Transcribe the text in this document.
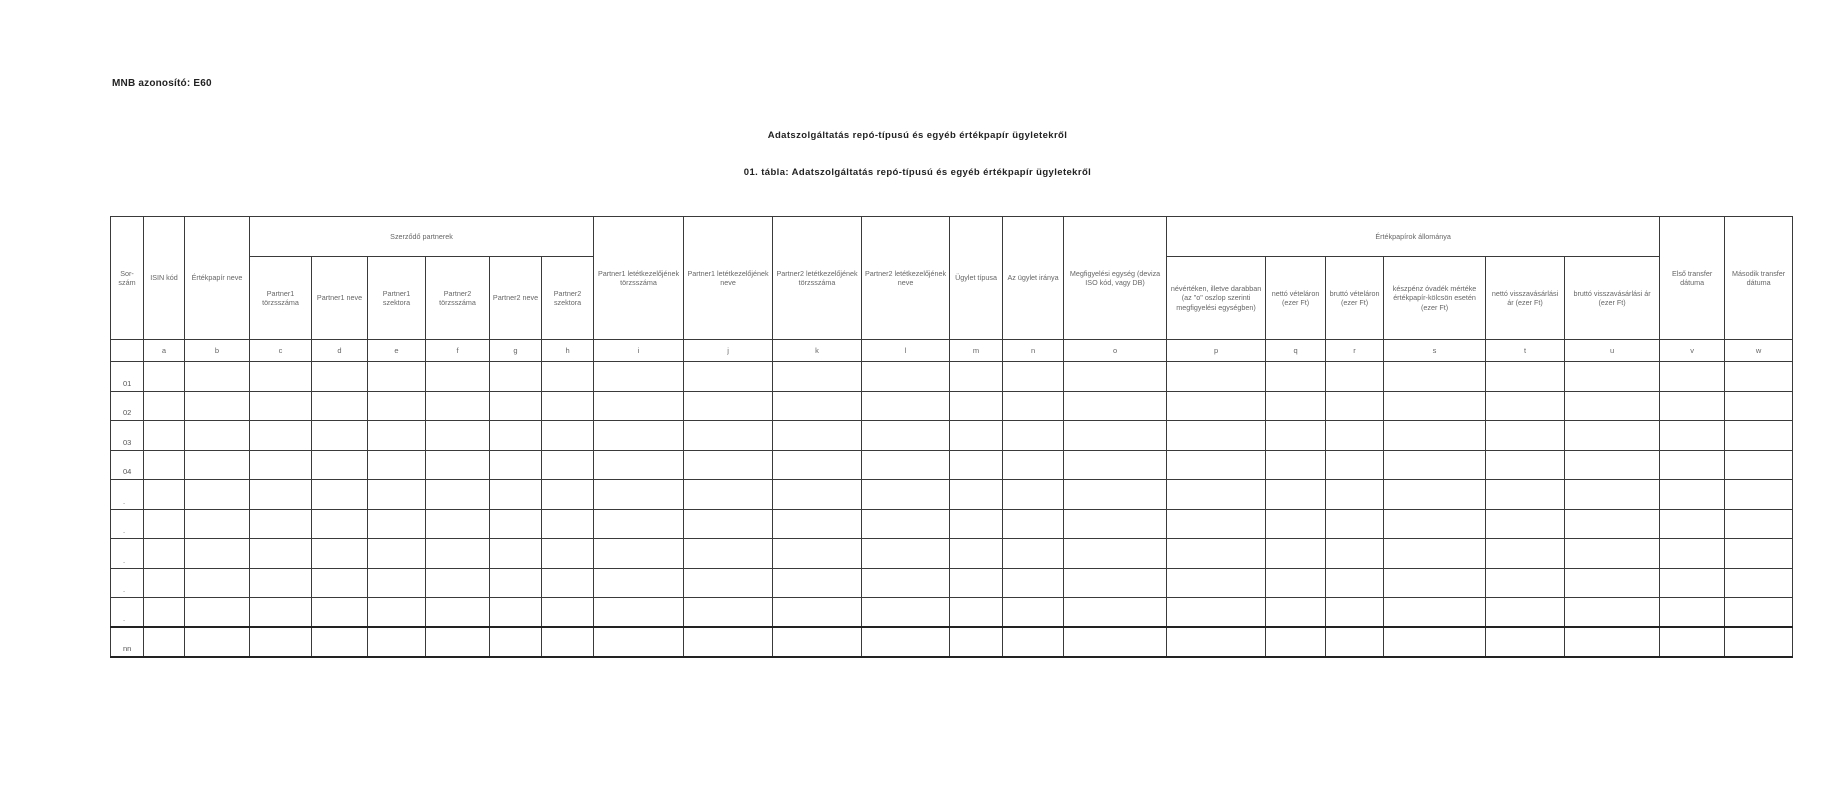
MNB azonosító: E60
Adatszolgáltatás repó-típusú és egyéb értékpapír ügyletekről
01. tábla: Adatszolgáltatás repó-típusú és egyéb értékpapír ügyletekről
Sor-szám	ISIN kód	Értékpapír neve	Szerződő partnerek						Partner1 letétkezelőjének törzsszáma	Partner1 letétkezelőjének neve	Partner2 letétkezelőjének törzsszáma	Partner2 letétkezelőjének neve	Ügylet típusa	Az ügylet iránya	Megfigyelési egység (deviza ISO kód, vagy DB)	Értékpapírok állománya						Első transfer dátuma	Második transfer dátuma
			Partner1 törzsszáma	Partner1 neve	Partner1 szektora	Partner2 törzsszáma	Partner2 neve	Partner2 szektora								névértéken, illetve darabban (az "o" oszlop szerinti megfigyelési egységben)	nettó vételáron (ezer Ft)	bruttó vételáron (ezer Ft)	készpénz óvadék mértéke értékpapír-kölcsön esetén (ezer Ft)	nettó visszavásárlási ár (ezer Ft)	bruttó visszavásárlási ár (ezer Ft)		
	a	b	c	d	e	f	g	h	i	j	k	l	m	n	o	p	q	r	s	t	u	v	w
01																							
02																							
03																							
04																							
.																							
.																							
.																							
.																							
.																							
nn																							
